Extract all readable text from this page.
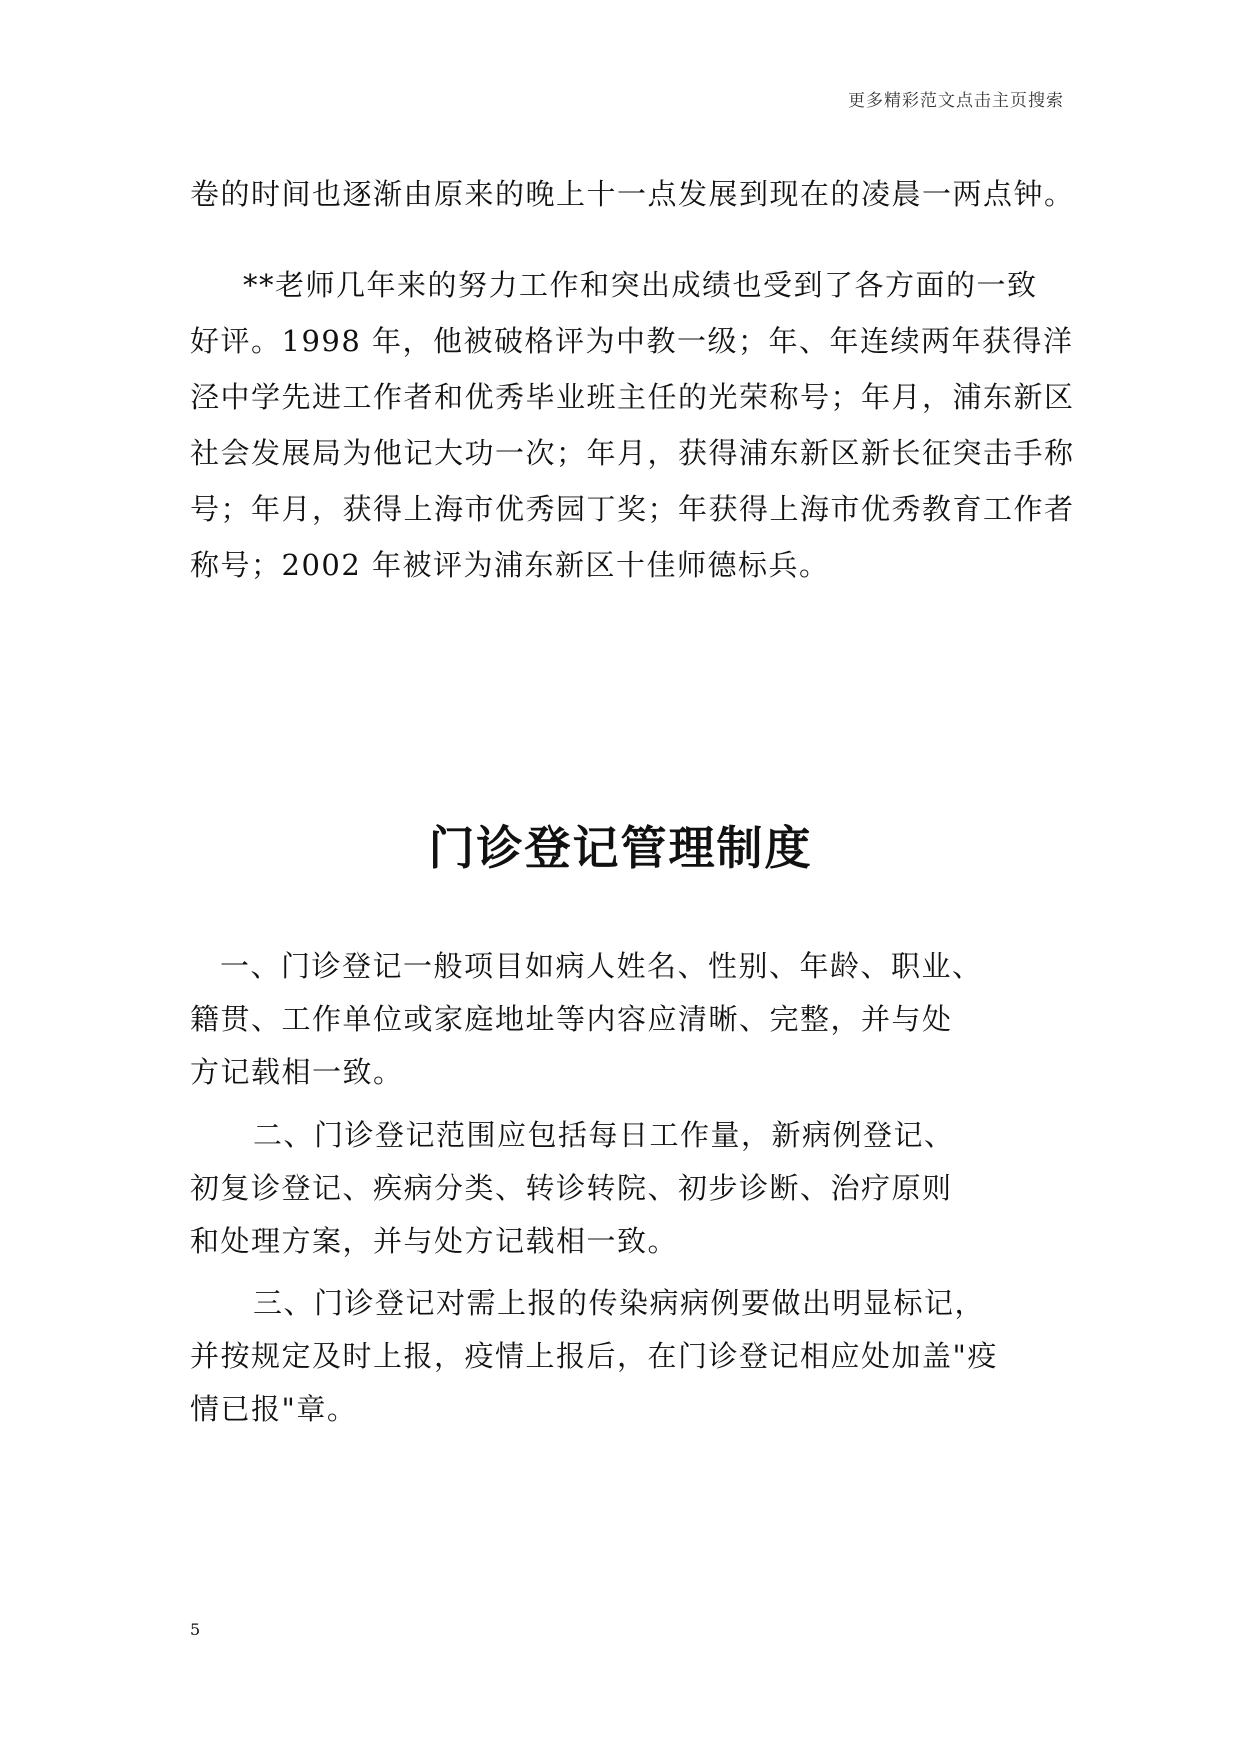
更多精彩范文点击主页搜索
卷的时间也逐渐由原来的晚上十一点发展到现在的凌晨一两点钟。
**老师几年来的努力工作和突出成绩也受到了各方面的一致
好评。1998 年，他被破格评为中教一级；年、年连续两年获得洋
泾中学先进工作者和优秀毕业班主任的光荣称号；年月，浦东新区
社会发展局为他记大功一次；年月，获得浦东新区新长征突击手称
号；年月，获得上海市优秀园丁奖；年获得上海市优秀教育工作者
称号；2002 年被评为浦东新区十佳师德标兵。
门诊登记管理制度
一、门诊登记一般项目如病人姓名、性别、年龄、职业、
籍贯、工作单位或家庭地址等内容应清晰、完整，并与处
方记载相一致。
二、门诊登记范围应包括每日工作量，新病例登记、
初复诊登记、疾病分类、转诊转院、初步诊断、治疗原则
和处理方案，并与处方记载相一致。
三、门诊登记对需上报的传染病病例要做出明显标记，
并按规定及时上报，疫情上报后，在门诊登记相应处加盖"疫
情已报"章。
5
